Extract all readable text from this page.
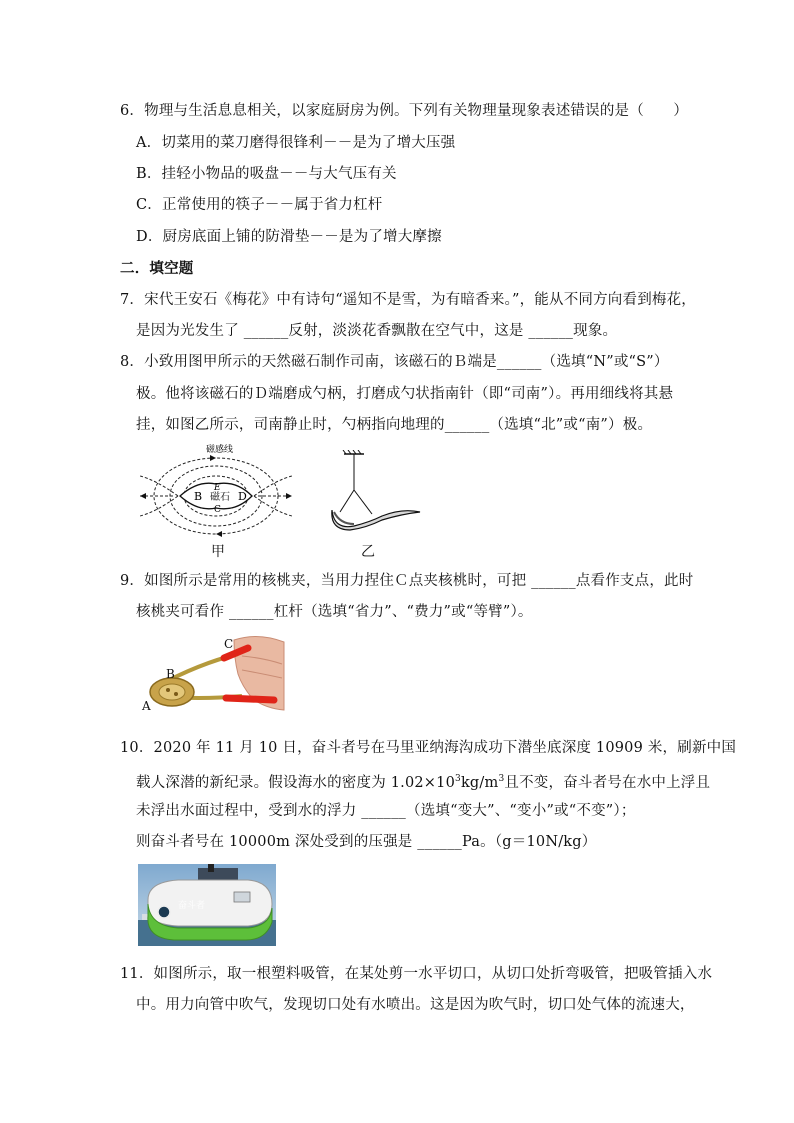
6．物理与生活息息相关，以家庭厨房为例。下列有关物理量现象表述错误的是（　　）
A．切菜用的菜刀磨得很锋利－－是为了增大压强
B．挂轻小物品的吸盘－－与大气压有关
C．正常使用的筷子－－属于省力杠杆
D．厨房底面上铺的防滑垫－－是为了增大摩擦
二．填空题
7．宋代王安石《梅花》中有诗句“遥知不是雪，为有暗香来。”，能从不同方向看到梅花，
是因为光发生了 ______反射，淡淡花香飘散在空气中，这是 ______现象。
8．小致用图甲所示的天然磁石制作司南，该磁石的Ｂ端是______（选填“N”或“S”）
极。他将该磁石的Ｄ端磨成勺柄，打磨成勺状指南针（即“司南”）。再用细线将其悬
挂，如图乙所示，司南静止时，勺柄指向地理的______（选填“北”或“南”）极。
磁感线
B 磁石 D
E
C
甲	乙
9．如图所示是常用的核桃夹，当用力捏住Ｃ点夹核桃时，可把 ______点看作支点，此时
核桃夹可看作 ______杠杆（选填“省力”、“费力”或“等臂”）。
A
B
C
10．2020 年 11 月 10 日，奋斗者号在马里亚纳海沟成功下潜坐底深度 10909 米，刷新中国
载人深潜的新纪录。假设海水的密度为 $1.02\times 10^3kg/m^3$且不变，奋斗者号在水中上浮且
未浮出水面过程中，受到水的浮力 ______（选填“变大”、“变小”或“不变”）；
则奋斗者号在 10000m 深处受到的压强是 ______Pa。（g＝10N/kg）
奋斗者
11．如图所示，取一根塑料吸管，在某处剪一水平切口，从切口处折弯吸管，把吸管插入水
中。用力向管中吹气，发现切口处有水喷出。这是因为吹气时，切口处气体的流速大，
